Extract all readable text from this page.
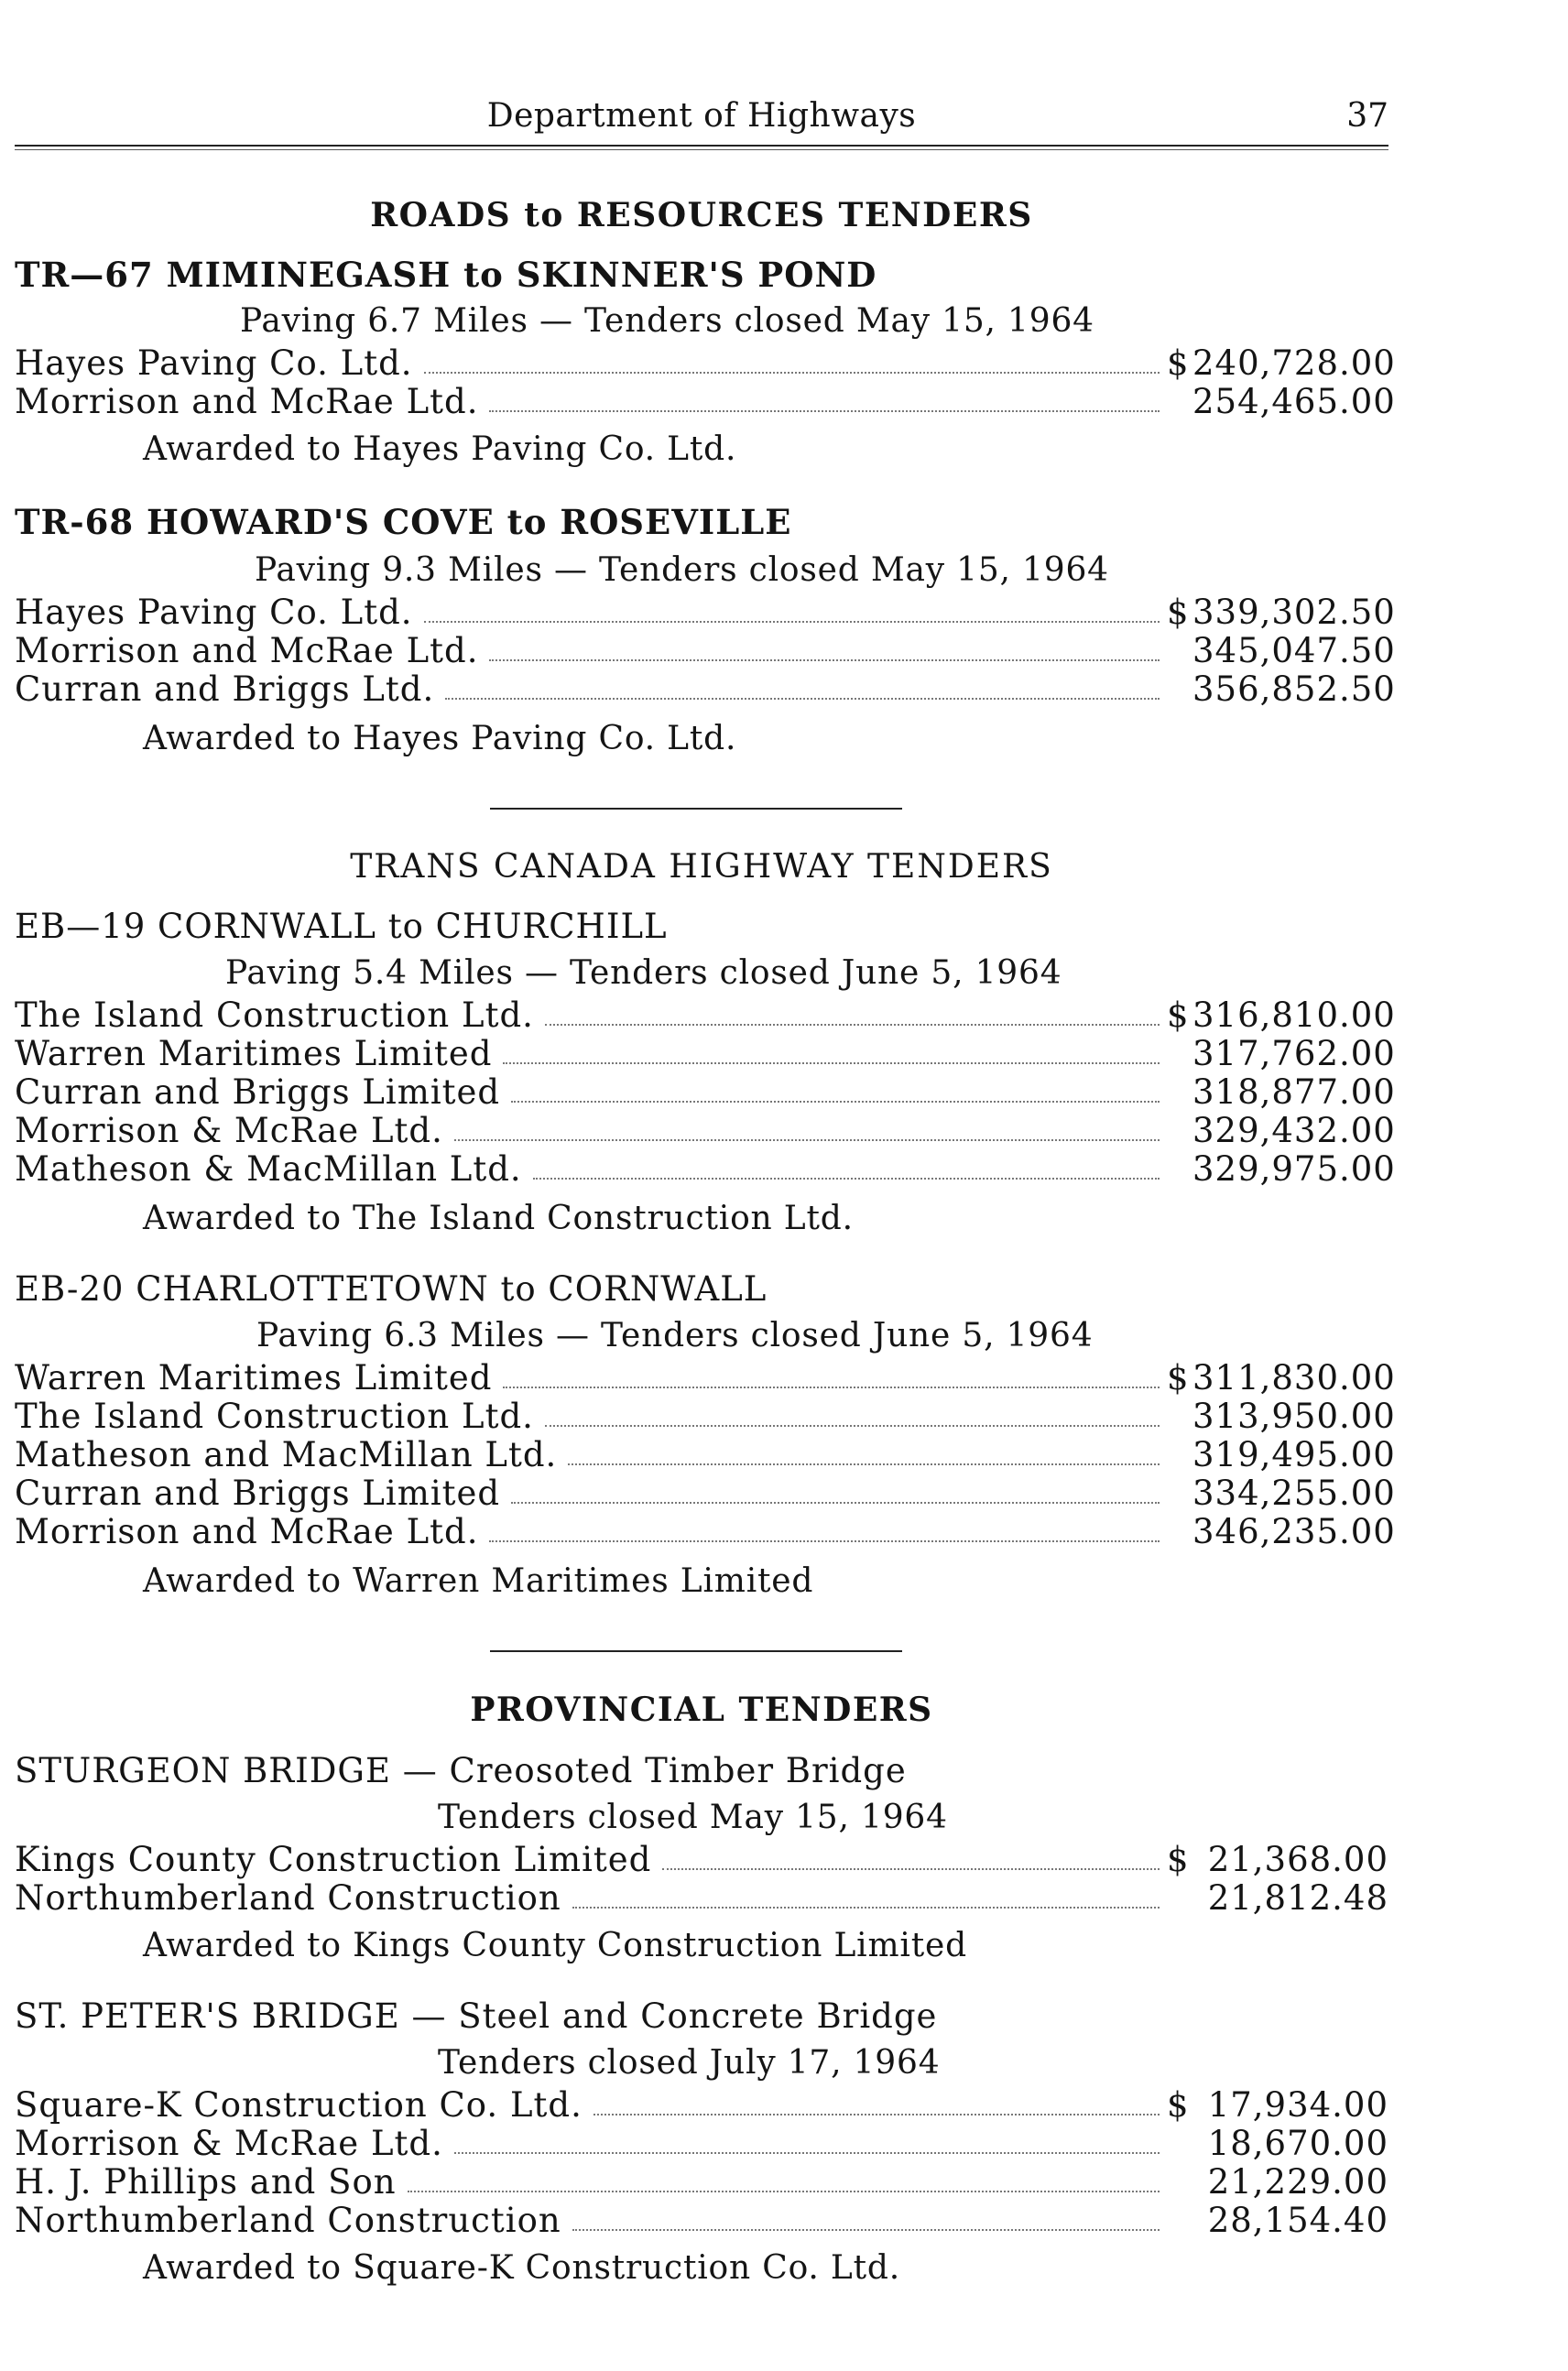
Department of Highways	37
ROADS to RESOURCES TENDERS
TR—67 MIMINEGASH to SKINNER'S POND
Paving 6.7 Miles — Tenders closed May 15, 1964
Hayes Paving Co. Ltd.	$ 240,728.00
Morrison and McRae Ltd.	254,465.00
Awarded to Hayes Paving Co. Ltd.
TR-68 HOWARD'S COVE to ROSEVILLE
Paving 9.3 Miles — Tenders closed May 15, 1964
Hayes Paving Co. Ltd.	$ 339,302.50
Morrison and McRae Ltd.	345,047.50
Curran and Briggs Ltd.	356,852.50
Awarded to Hayes Paving Co. Ltd.
TRANS CANADA HIGHWAY TENDERS
EB—19 CORNWALL to CHURCHILL
Paving 5.4 Miles — Tenders closed June 5, 1964
The Island Construction Ltd.	$ 316,810.00
Warren Maritimes Limited	317,762.00
Curran and Briggs Limited	318,877.00
Morrison & McRae Ltd.	329,432.00
Matheson & MacMillan Ltd.	329,975.00
Awarded to The Island Construction Ltd.
EB-20 CHARLOTTETOWN to CORNWALL
Paving 6.3 Miles — Tenders closed June 5, 1964
Warren Maritimes Limited	$ 311,830.00
The Island Construction Ltd.	313,950.00
Matheson and MacMillan Ltd.	319,495.00
Curran and Briggs Limited	334,255.00
Morrison and McRae Ltd.	346,235.00
Awarded to Warren Maritimes Limited
PROVINCIAL TENDERS
STURGEON BRIDGE — Creosoted Timber Bridge
Tenders closed May 15, 1964
Kings County Construction Limited	$ 21,368.00
Northumberland Construction	21,812.48
Awarded to Kings County Construction Limited
ST. PETER'S BRIDGE — Steel and Concrete Bridge
Tenders closed July 17, 1964
Square-K Construction Co. Ltd.	$ 17,934.00
Morrison & McRae Ltd.	18,670.00
H. J. Phillips and Son	21,229.00
Northumberland Construction	28,154.40
Awarded to Square-K Construction Co. Ltd.
